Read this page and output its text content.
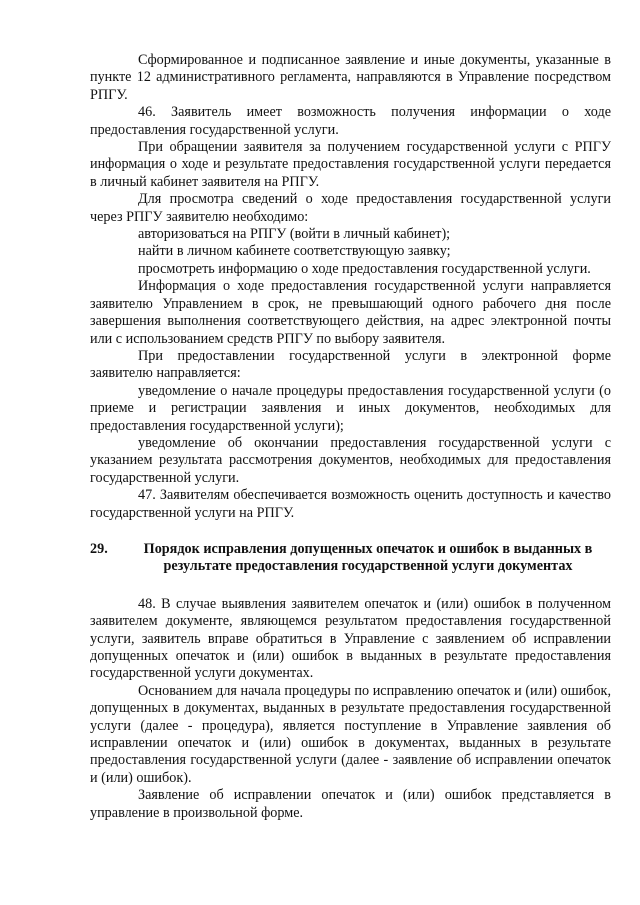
Сформированное и подписанное заявление и иные документы, указанные в пункте 12 административного регламента, направляются в Управление посредством РПГУ.

46. Заявитель имеет возможность получения информации о ходе предоставления государственной услуги.

При обращении заявителя за получением государственной услуги с РПГУ информация о ходе и результате предоставления государственной услуги передается в личный кабинет заявителя на РПГУ.

Для просмотра сведений о ходе предоставления государственной услуги через РПГУ заявителю необходимо:

авторизоваться на РПГУ (войти в личный кабинет);

найти в личном кабинете соответствующую заявку;

просмотреть информацию о ходе предоставления государственной услуги.

Информация о ходе предоставления государственной услуги направляется заявителю Управлением в срок, не превышающий одного рабочего дня после завершения выполнения соответствующего действия, на адрес электронной почты или с использованием средств РПГУ по выбору заявителя.

При предоставлении государственной услуги в электронной форме заявителю направляется:

уведомление о начале процедуры предоставления государственной услуги (о приеме и регистрации заявления и иных документов, необходимых для предоставления государственной услуги);

уведомление об окончании предоставления государственной услуги с указанием результата рассмотрения документов, необходимых для предоставления государственной услуги.

47. Заявителям обеспечивается возможность оценить доступность и качество государственной услуги на РПГУ.

29.	Порядок исправления допущенных опечаток и ошибок в выданных в результате предоставления государственной услуги документах

48. В случае выявления заявителем опечаток и (или) ошибок в полученном заявителем документе, являющемся результатом предоставления государственной услуги, заявитель вправе обратиться в Управление с заявлением об исправлении допущенных опечаток и (или) ошибок в выданных в результате предоставления государственной услуги документах.

Основанием для начала процедуры по исправлению опечаток и (или) ошибок, допущенных в документах, выданных в результате предоставления государственной услуги (далее - процедура), является поступление в Управление заявления об исправлении опечаток и (или) ошибок в документах, выданных в результате предоставления государственной услуги (далее - заявление об исправлении опечаток и (или) ошибок).

Заявление об исправлении опечаток и (или) ошибок представляется в управление в произвольной форме.
